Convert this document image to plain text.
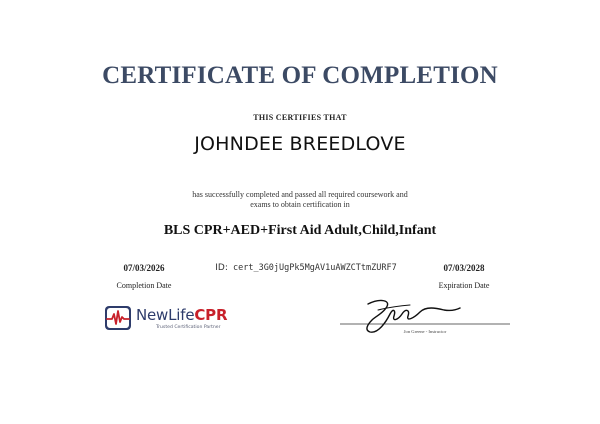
CERTIFICATE OF COMPLETION
THIS CERTIFIES THAT
JOHNDEE BREEDLOVE
has successfully completed and passed all required coursework and
exams to obtain certification in
BLS CPR+AED+First Aid Adult,Child,Infant
07/03/2026
Completion Date
ID: cert_3G0jUgPk5MgAV1uAWZCTtmZURF7	07/03/2028
Expiration Date
NewLifeCPR
Trusted Certification Partner
Jon Greene - Instructor
